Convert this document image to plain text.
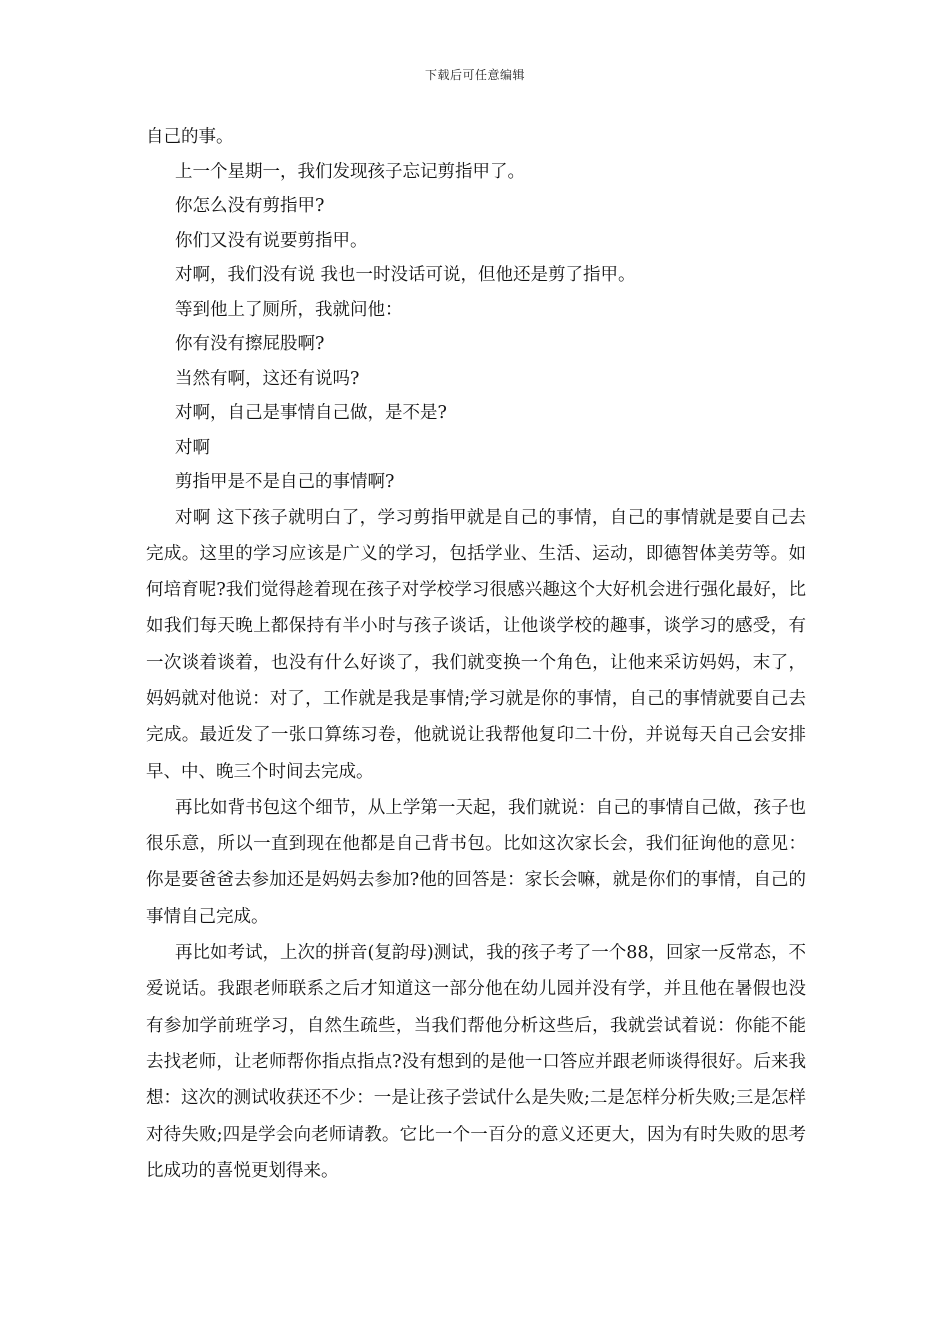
下载后可任意编辑
自己的事。
上一个星期一，我们发现孩子忘记剪指甲了。
你怎么没有剪指甲?
你们又没有说要剪指甲。
对啊，我们没有说 我也一时没话可说，但他还是剪了指甲。
等到他上了厕所，我就问他：
你有没有擦屁股啊?
当然有啊，这还有说吗?
对啊，自己是事情自己做，是不是?
对啊
剪指甲是不是自己的事情啊?

对啊 这下孩子就明白了，学习剪指甲就是自己的事情，自己的事情就是要自己去完成。这里的学习应该是广义的学习，包括学业、生活、运动，即德智体美劳等。如何培育呢?我们觉得趁着现在孩子对学校学习很感兴趣这个大好机会进行强化最好，比如我们每天晚上都保持有半小时与孩子谈话，让他谈学校的趣事，谈学习的感受，有一次谈着谈着，也没有什么好谈了，我们就变换一个角色，让他来采访妈妈，末了，妈妈就对他说：对了，工作就是我是事情;学习就是你的事情，自己的事情就要自己去完成。最近发了一张口算练习卷，他就说让我帮他复印二十份，并说每天自己会安排早、中、晚三个时间去完成。

再比如背书包这个细节，从上学第一天起，我们就说：自己的事情自己做，孩子也很乐意，所以一直到现在他都是自己背书包。比如这次家长会，我们征询他的意见：你是要爸爸去参加还是妈妈去参加?他的回答是：家长会嘛，就是你们的事情，自己的事情自己完成。

再比如考试，上次的拼音(复韵母)测试，我的孩子考了一个88，回家一反常态，不爱说话。我跟老师联系之后才知道这一部分他在幼儿园并没有学，并且他在暑假也没有参加学前班学习，自然生疏些，当我们帮他分析这些后，我就尝试着说：你能不能去找老师，让老师帮你指点指点?没有想到的是他一口答应并跟老师谈得很好。后来我想：这次的测试收获还不少：一是让孩子尝试什么是失败;二是怎样分析失败;三是怎样对待失败;四是学会向老师请教。它比一个一百分的意义还更大，因为有时失败的思考比成功的喜悦更划得来。
